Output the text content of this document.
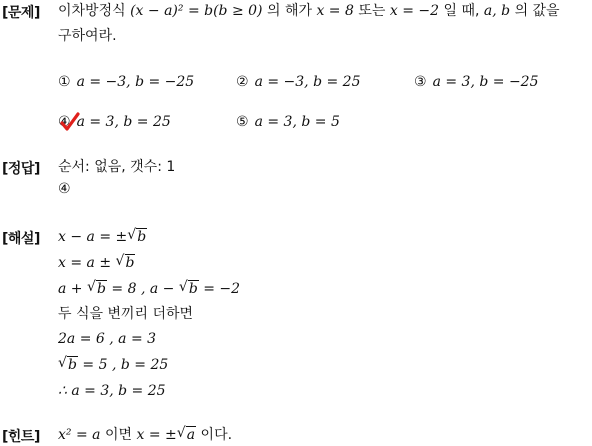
[문제] 이차방정식 (x − a)² = b(b ≥ 0) 의 해가 x = 8 또는 x = −2 일 때, a, b 의 값을
구하여라.
① a = −3, b = −25	② a = −3, b = 25	③ a = 3, b = −25
④ a = 3, b = 25	⑤ a = 3, b = 5
[정답] 순서: 없음, 갯수: 1
④
[해설] x − a = ± √ b
x = a ± √ b
a + √ b = 8 , a − √ b = −2
두 식을 변끼리 더하면
2a = 6 , a = 3
√ b = 5 , b = 25
∴ a = 3, b = 25
[힌트] x² = a 이면 x = ± √ a 이다.
